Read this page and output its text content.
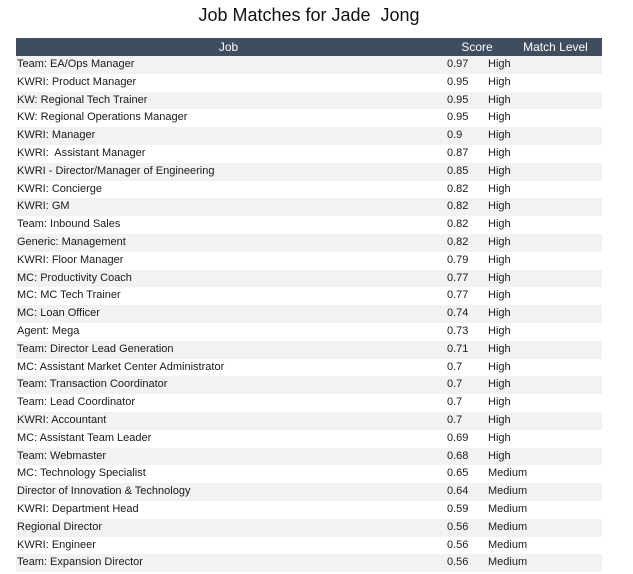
Job Matches for Jade  Jong
Job	Score	Match Level
Team: EA/Ops Manager	0.97	High
KWRI: Product Manager	0.95	High
KW: Regional Tech Trainer	0.95	High
KW: Regional Operations Manager	0.95	High
KWRI: Manager	0.9	High
KWRI:  Assistant Manager	0.87	High
KWRI - Director/Manager of Engineering	0.85	High
KWRI: Concierge	0.82	High
KWRI: GM	0.82	High
Team: Inbound Sales	0.82	High
Generic: Management	0.82	High
KWRI: Floor Manager	0.79	High
MC: Productivity Coach	0.77	High
MC: MC Tech Trainer	0.77	High
MC: Loan Officer	0.74	High
Agent: Mega	0.73	High
Team: Director Lead Generation	0.71	High
MC: Assistant Market Center Administrator	0.7	High
Team: Transaction Coordinator	0.7	High
Team: Lead Coordinator	0.7	High
KWRI: Accountant	0.7	High
MC: Assistant Team Leader	0.69	High
Team: Webmaster	0.68	High
MC: Technology Specialist	0.65	Medium
Director of Innovation & Technology	0.64	Medium
KWRI: Department Head	0.59	Medium
Regional Director	0.56	Medium
KWRI: Engineer	0.56	Medium
Team: Expansion Director	0.56	Medium
